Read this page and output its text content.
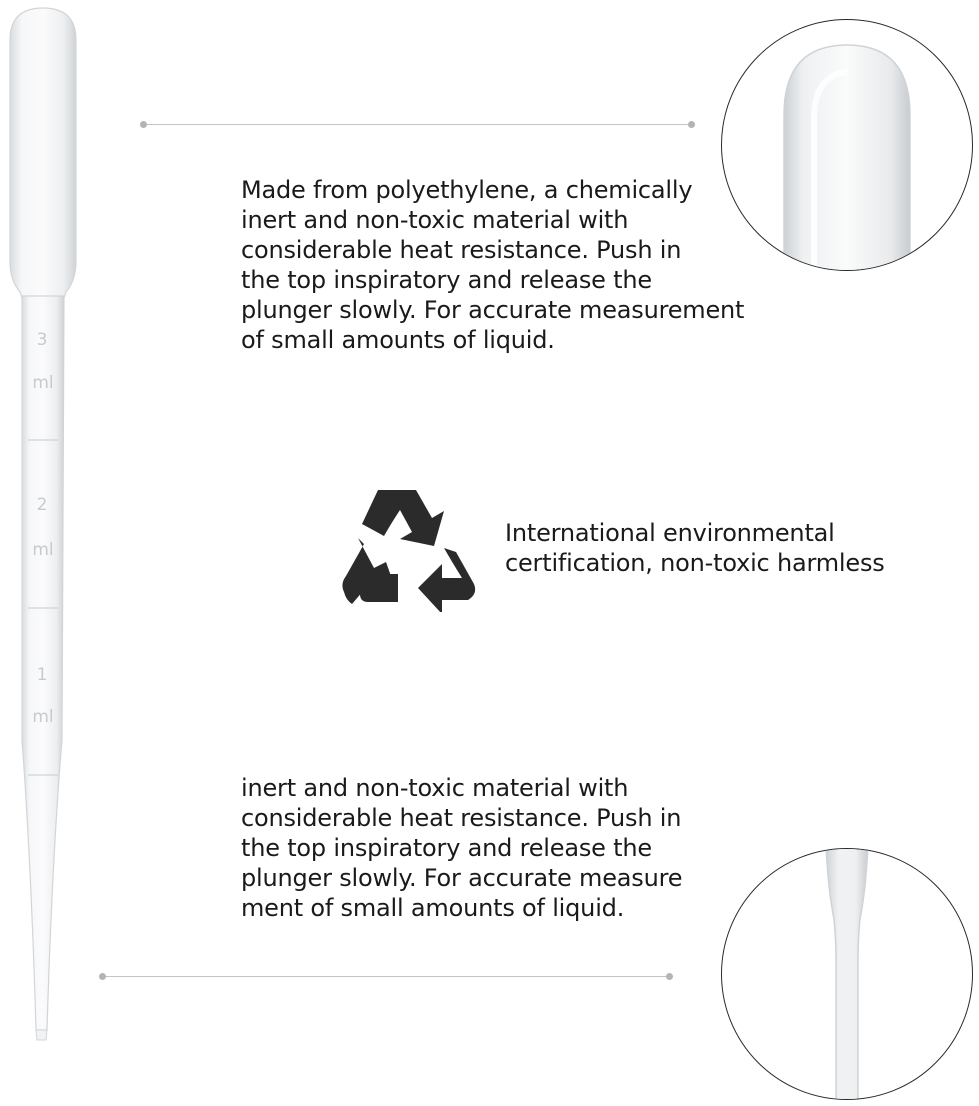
3
ml
2
ml
1
ml
Made from polyethylene, a chemically
inert and non-toxic material with
considerable heat resistance. Push in
the top inspiratory and release the
plunger slowly. For accurate measurement
of small amounts of liquid.
International environmental
certification, non-toxic harmless
inert and non-toxic material with
considerable heat resistance. Push in
the top inspiratory and release the
plunger slowly. For accurate measure
ment of small amounts of liquid.
